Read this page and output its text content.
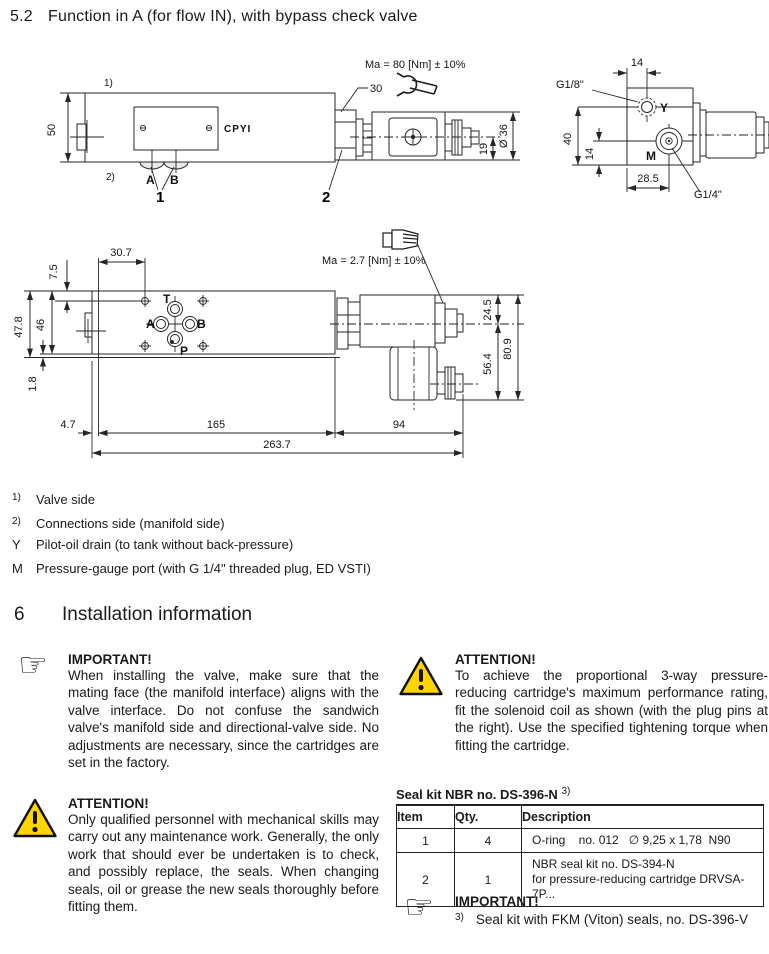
5.2 Function in A (for flow IN), with bypass check valve
50
1)
2)
CPYI
A B
1
19
Ø 36
30
Ma = 80 [Nm] ± 10%
2
Y
M
14
40
14
28.5
G1/8"
G1/4"
47.8 46
1.8
30.7
7.5
T
A	B
P
Ma = 2.7 [Nm] ± 10%
24.5
56.4
80.9
4.7	165	94
263.7
$^{1)}$ Valve side
$^{2)}$ Connections side (manifold side)
Y Pilot-oil drain (to tank without back-pressure)
M Pressure-gauge port (with G 1/4" threaded plug, ED VSTI)
6 Installation information
☞	IMPORTANT!
When installing the valve, make sure that the mating face (the manifold interface) aligns with the valve interface. Do not confuse the sandwich valve's manifold side and directional-valve side. No adjustments are necessary, since the cartridges are set in the factory.
ATTENTION!
Only qualified personnel with mechanical skills may carry out any maintenance work. Generally, the only work that should ever be undertaken is to check, and possibly replace, the seals. When changing seals, oil or grease the new seals thoroughly before fitting them.
ATTENTION!
To achieve the proportional 3-way pressure-reducing cartridge's maximum performance rating, fit the solenoid coil as shown (with the plug pins at the right). Use the specified tightening torque when fitting the cartridge.
Seal kit NBR no. DS-396-N $^{3)}$
Item	Qty.	Description
1	4	O-ring    no. 012   ∅ 9,25 x 1,78  N90

2	1	NBR seal kit no. DS-394-N
for pressure-reducing cartridge DRVSA-7P...
☞	IMPORTANT!
$^{3)}$ Seal kit with FKM (Viton) seals, no. DS-396-V
